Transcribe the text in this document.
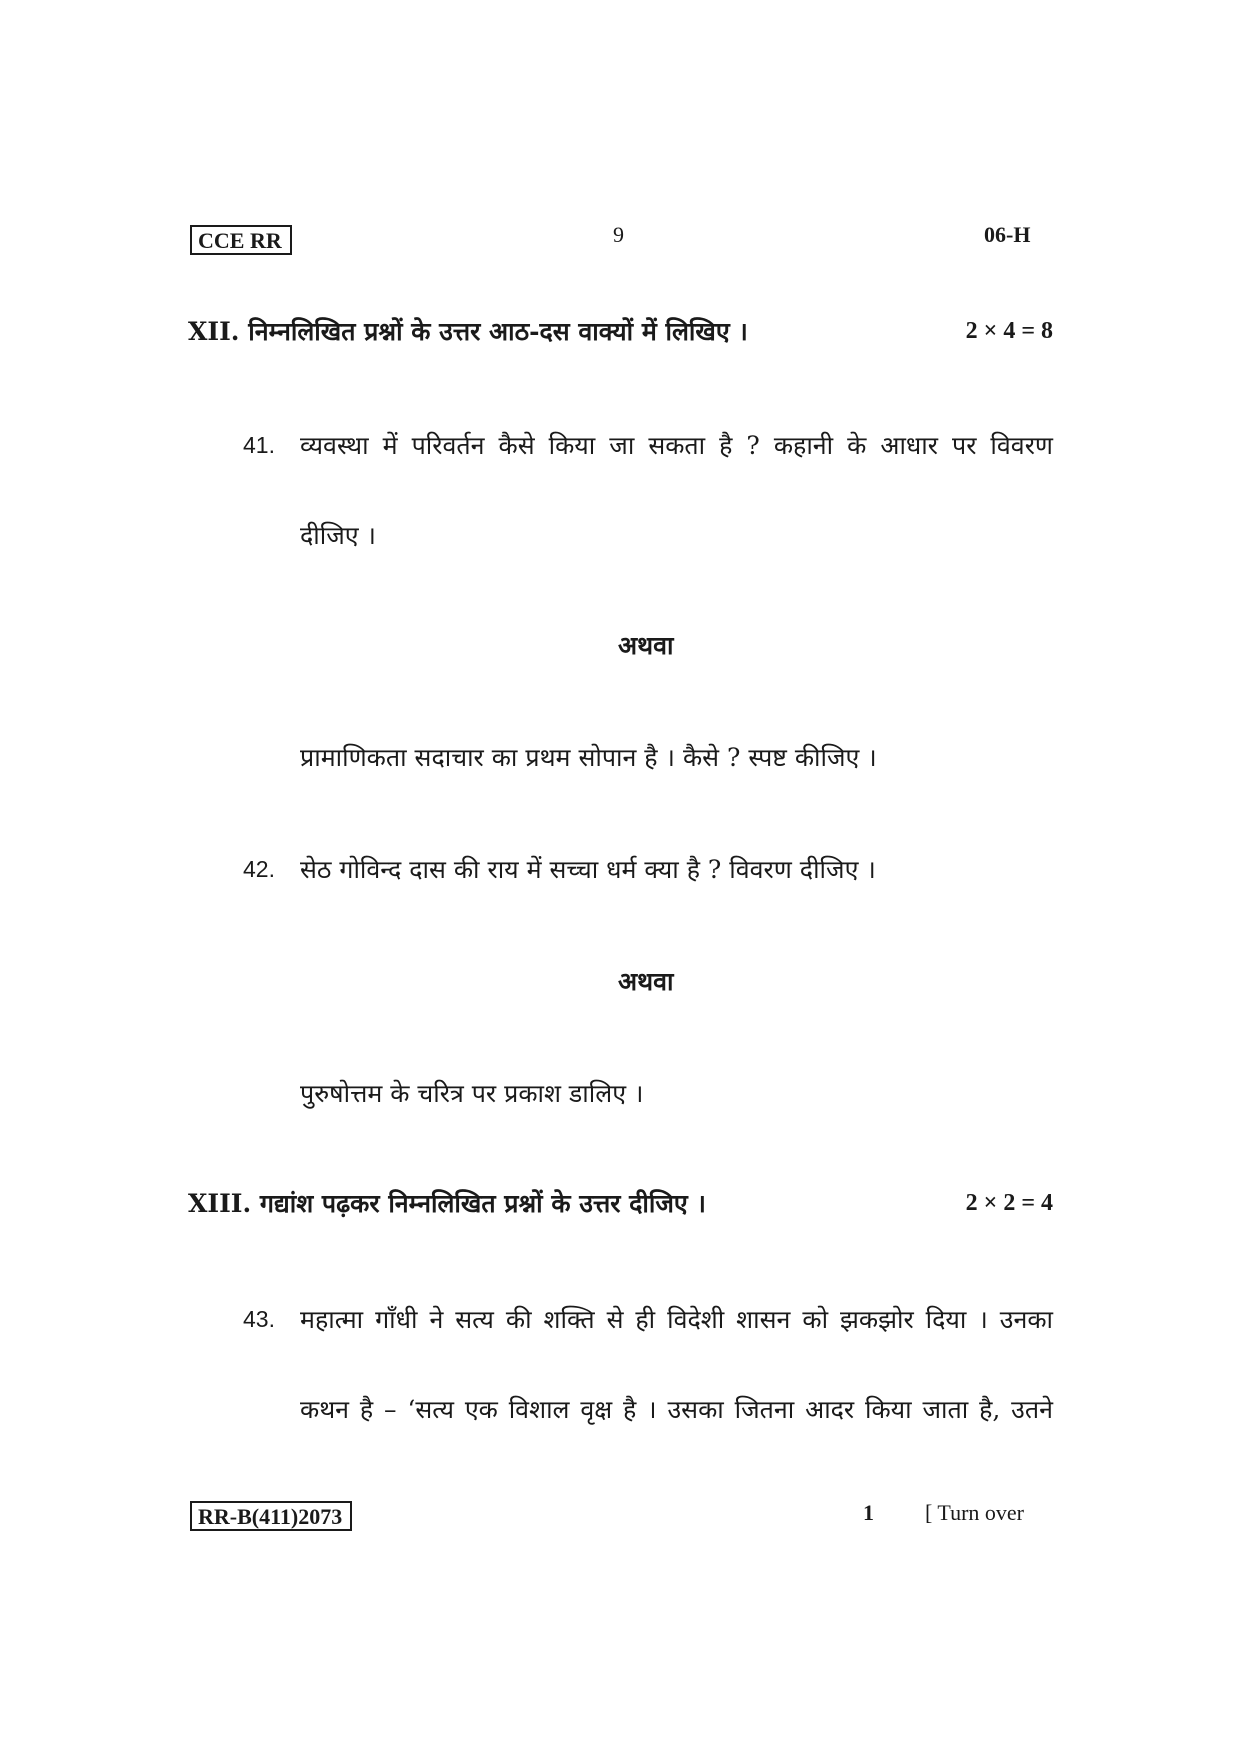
CCE RR	9	06-H
XII. निम्नलिखित प्रश्नों के उत्तर आठ-दस वाक्यों में लिखिए ।	2 × 4 = 8
41. व्यवस्था में परिवर्तन कैसे किया जा सकता है ? कहानी के आधार पर विवरण
दीजिए ।
अथवा
प्रामाणिकता सदाचार का प्रथम सोपान है । कैसे ? स्पष्ट कीजिए ।
42. सेठ गोविन्द दास की राय में सच्चा धर्म क्या है ? विवरण दीजिए ।
अथवा
पुरुषोत्तम के चरित्र पर प्रकाश डालिए ।
XIII. गद्यांश पढ़कर निम्नलिखित प्रश्नों के उत्तर दीजिए ।	2 × 2 = 4
43. महात्मा गाँधी ने सत्य की शक्ति से ही विदेशी शासन को झकझोर दिया । उनका
कथन है – ‘सत्य एक विशाल वृक्ष है । उसका जितना आदर किया जाता है, उतने
RR-B(411)2073	1 [ Turn over
